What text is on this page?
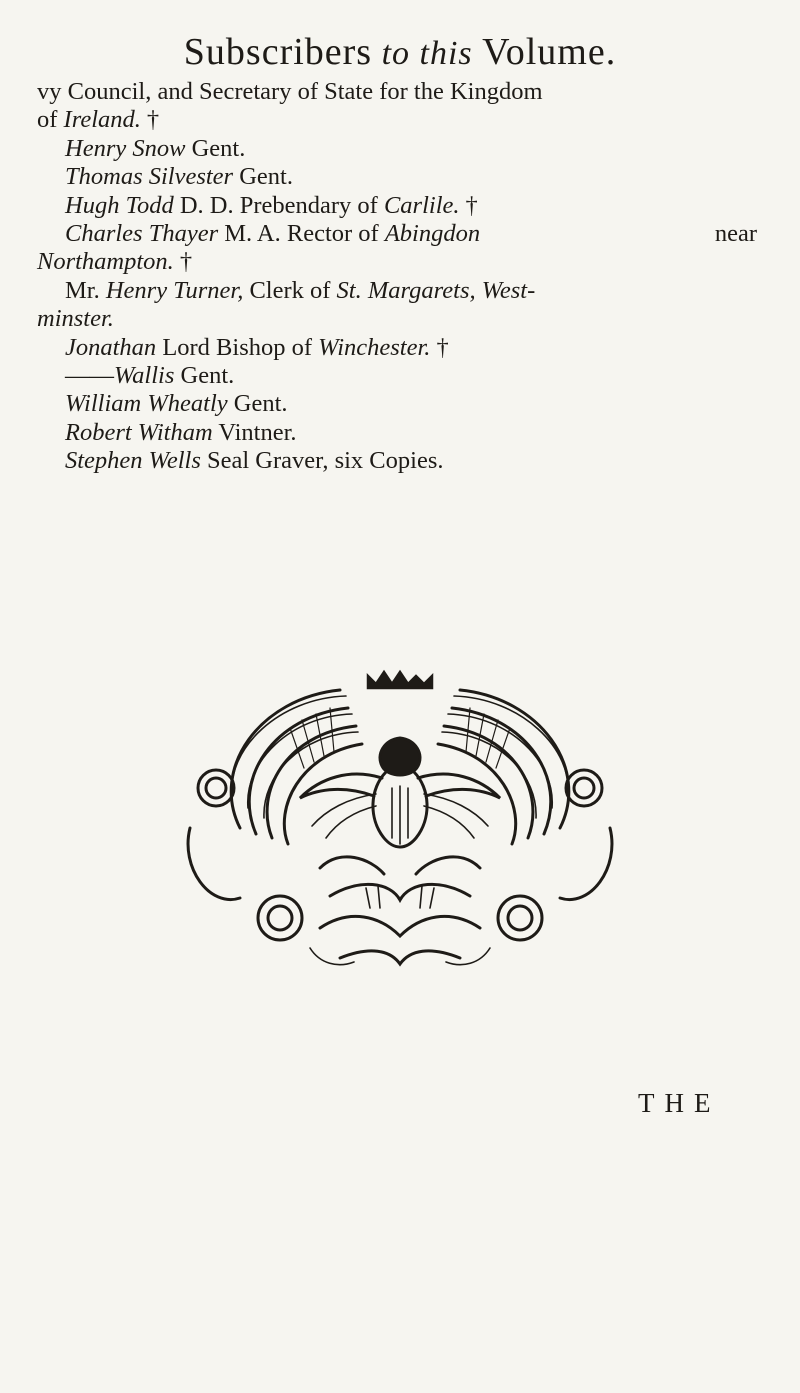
Subscribers to this Volume.
vy Council, and Secretary of State for the Kingdom
of Ireland. †
Henry Snow Gent.
Thomas Silvester Gent.
Hugh Todd D. D. Prebendary of Carlile. †
Charles Thayer M. A. Rector of Abingdon	near
Northampton. †
Mr. Henry Turner, Clerk of St. Margarets, West-
minster.
Jonathan Lord Bishop of Winchester. †
——Wallis Gent.
William Wheatly Gent.
Robert Witham Vintner.
Stephen Wells Seal Graver, six Copies.
THE
